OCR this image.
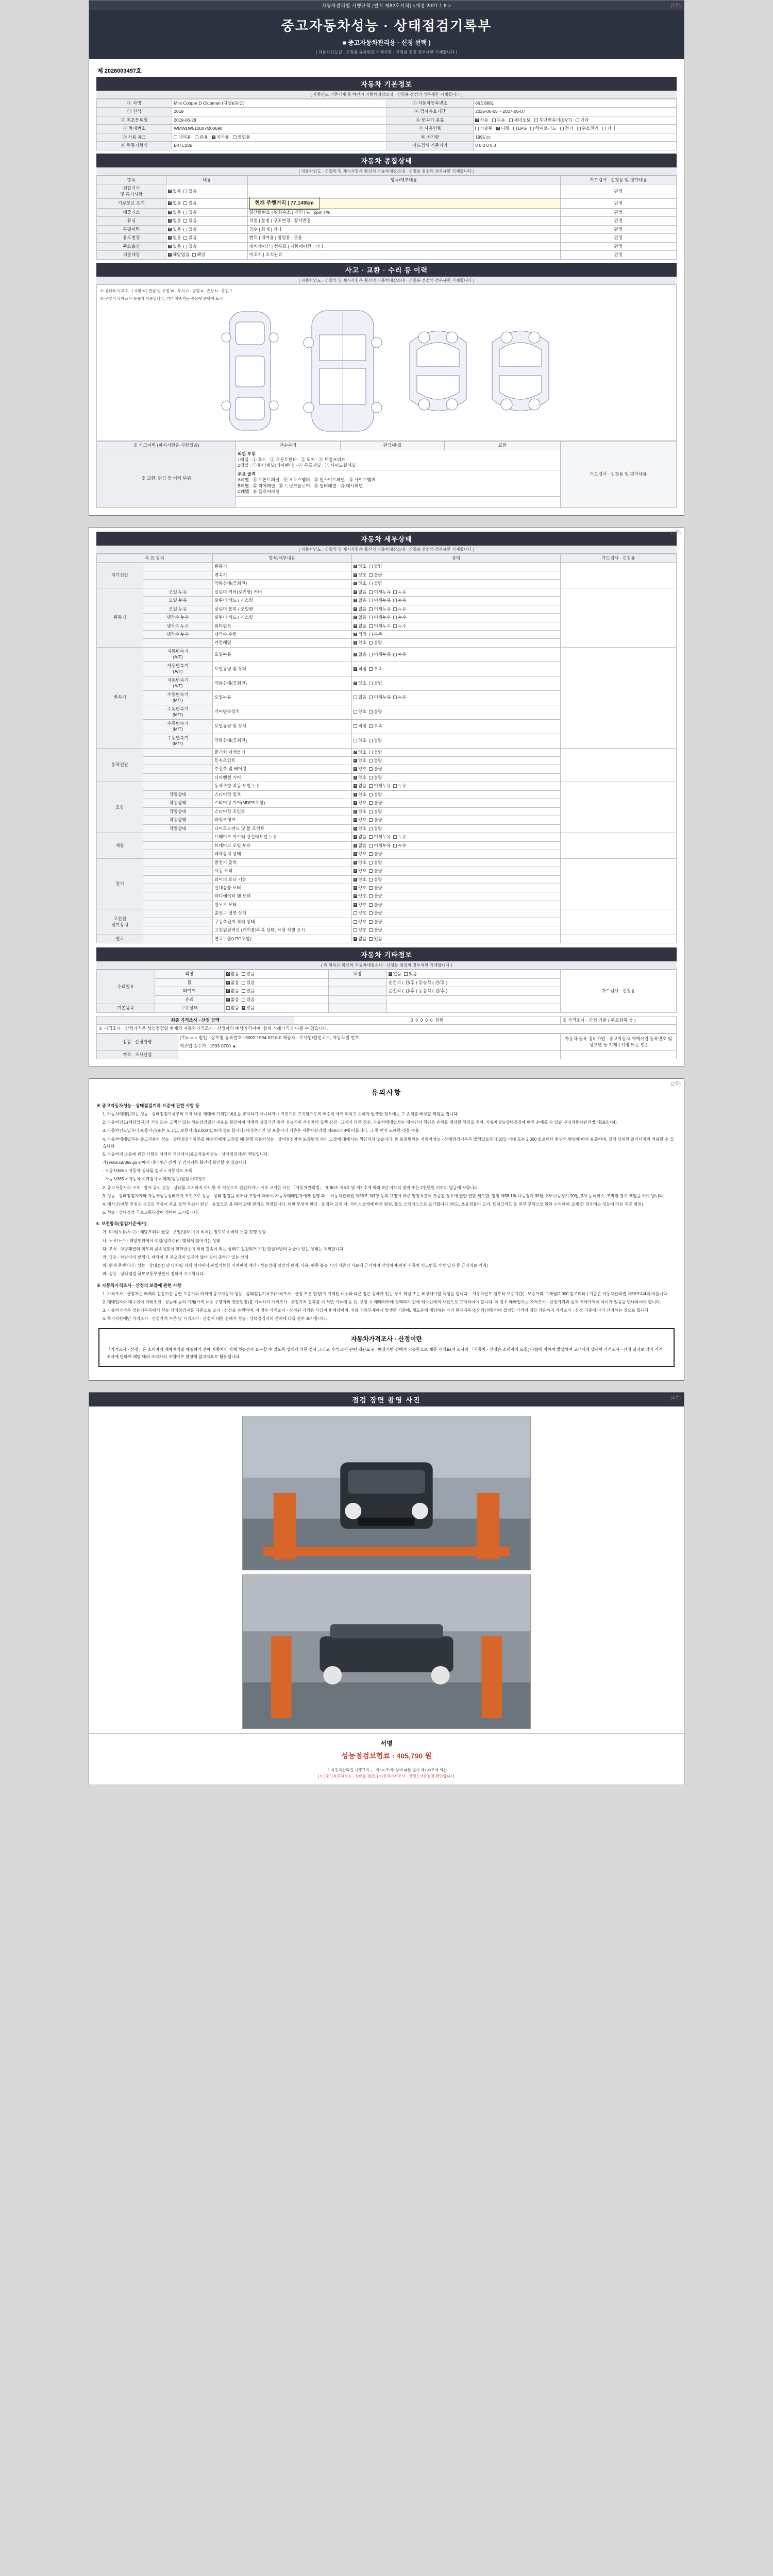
(1쪽)
자동차관리법 시행규칙 [별지 제82호서식] <개정 2021.1.8.>
중고자동차성능 · 상태점검기록부
■ 중고자동차관리용 · 신청 선택 )
( 자동차인도일 · 신청용 등록번호 기재사항 · 신청용 점검 경우세한 기재합니다 )
제 2026003497호
자동차 기본정보
( 자동인도 기준기재 등 하신의 자동차대장소내 · 신청용 점검의 경우세한 기재합니다 )
① 차명	Mini Cooper D Clubman (디젤)(동급)	② 자동차등록번호	66도8881
③ 연식	2019	④ 검사유효기간	2025-06-05 ~ 2027-06-07
⑤ 최초등록일	2019-06-28	⑥ 변속기 종류	✓자동 수동 세미오토 무단변속기(CVT) 기타
⑦ 차대번호	WMWLW510007M00690	⑧ 사용연료	가솔린 ✓ 디젤 LPG 하이브리드 전기 수소전기 기타
⑨ 사용 용도	대여용 관용 ✓ 자가용 영업용	⑩ 배기량	1995 cc
⑪ 원동기형식	B47C20B	가드검사 기준거리	0 0 0 0 0 0
자동차 종합상태
( 자동차인도 · 신청의 및 제시사항은 확신의 자동차대장소내 · 신청용 점검의 경우세한 기재합니다 )
항목	내용	항목/세부내용	가드검사 · 신청용 및 평가내용
전합기시
및 특기사항	✓없음 있음		판정
가로모르 표기	✓없음 있음	현재 주행거리 | 77,149km	판정
배출가스	✓없음 있음	일산화탄소 | 탄화수소 | 매연 | % | ppm | %	판정
튜닝	✓없음 있음	적법 | 불법 | 구조변경 | 장치변경	판정
특별이력	✓없음 있음	침수 | 화재 | 기타	판정
용도변경	✓없음 있음	렌트 | 대여용 | 영업용 | 관용	판정
주요옵션	✓없음 있음	내비게이션 | 선루프 | 자동에어컨 | 기타	판정
리콜대상	✓해당없음 해당	미조치 | 조치완료	판정
사고 · 교환 · 수리 등 이력
( 자동차인도 · 신청의 및 제시사항은 확신의 자동차대장소내 · 신청용 점검의 경우세한 기재합니다 )
※ 상태표시 부호 : ( 교환 X ) 판금 및 용접 W · 부식 C · 균열 A · 손상 U · 흠집 T
※ 무부식 당해표시 승용차 기준입니다, 기타 차종가는 승용에 준하여 표시
※ 사고이력 (파지시항은 사항있음)	단순수리	판금/용접	교환	가드검사 · 신청용 및 평가내용
※ 교환, 판금 등 이력 부위	외판 부위
1레벨 : ① 후드 · ② 프론트펜더 · ③ 도어 · ④ 트렁크리드
2레벨 : ⑤ 쿼터패널(리어펜더) · ⑥ 루프패널 · ⑦ 사이드실패널			
	주요 골격
A레벨 : ⑧ 프론트패널 · ⑨ 크로스멤버 · ⑩ 인사이드패널 · ⑪ 사이드멤버
B레벨 : ⑫ 리어패널 · ⑬ 트렁크플로어 · ⑭ 필러패널 · ⑮ 대시패널
C레벨 : ⑯ 플로어패널			

(1쪽)
자동차 세부상태
( 자동차인도 · 신청의 및 제시사항은 확신의 자동차대장소내 · 신청용 점검의 경우세한 기재합니다 )
주 요 장치		항목/세부내용	상태	가드검사 · 신청용
자기진단		원동기	✓양호 불량	
		변속기	✓양호 불량
		작동상태(공회전)	✓양호 불량
원동기	오일 누유	실린더 커버(로커암) 커버	✓없음 미세누유 누유	
	오일 누유	실린더 헤드 / 개스킷	✓없음 미세누유 누유
	오일 누유	실린더 블록 / 오일팬	✓없음 미세누유 누유
	냉각수 누수	실린더 헤드 / 개스킷	✓없음 미세누수 누수
	냉각수 누수	워터펌프	✓없음 미세누수 누수
	냉각수 누수	냉각수 수량	✓적정 부족
		커먼레일	✓양호 불량
변속기	자동변속기
(A/T)	오일누유	✓없음 미세누유 누유	
	자동변속기
(A/T)	오일유량 및 상태	✓적정 부족
	자동변속기
(A/T)	작동상태(공회전)	✓양호 불량
	수동변속기
(M/T)	오일누유	없음 미세누유 누유	
	수동변속기
(M/T)	기어변속장치	양호 불량	
	수동변속기
(M/T)	오일유량 및 상태	적정 부족	
	수동변속기
(M/T)	작동상태(공회전)	양호 불량	
동력전달		클러치 어셈블리	✓양호 불량	
		등속조인트	✓양호 불량
		추진축 및 베어링	✓양호 불량
		디퍼렌셜 기어	✓양호 불량
조향		동력조향 작동 오일 누유	✓없음 미세누유 누유	
	작동상태	스티어링 펌프	✓양호 불량
	작동상태	스티어링 기어(MDPS포함)	✓양호 불량
	작동상태	스티어링 조인트	✓양호 불량
	작동상태	파워크랭크	✓양호 불량
	작동상태	타이로드엔드 및 볼 조인트	✓양호 불량
제동		브레이크 마스터 실린더오일 누유	✓없음 미세누유 누유	
		브레이크 오일 누유	✓없음 미세누유 누유
		배력장치 상태	✓양호 불량
전기		발전기 출력	✓양호 불량	
		시동 모터	✓양호 불량
		와이퍼 모터 기능	✓양호 불량
		실내송풍 모터	✓양호 불량
		라디에이터 팬 모터	✓양호 불량
		윈도우 모터	✓양호 불량
고전원
전기장치		충전구 절연 상태	양호 불량	
		구동축전지 격리 상태	양호 불량	
		고전원전력선 (케이블)피복 상태, 극성 식별 표시	양호 불량	
연료		연료누출(LPG포함)	✓없음 있음	
자동차 기타정보
( 위 항목은 확신의 자동차대장소내 · 신청용 점검의 경우세한 기재합니다 )
수리필요	외장	✓없음 있음	내장	✓없음 있음	가드검사 · 신청용
	휠	✓없음 있음		운전석 ( 전/후 ) 동승석 ( 전/후 )	
	타이어	✓없음 있음		운전석 ( 전/후 ) 동승석 ( 전/후 )	
	유리	✓없음 있음		
기본품목	보유상태	없음 ✓ 있음		
최종 가격조사 · 산정 금액	0 0 0 0 0 천원	※ 가격조사 · 산정 기준 ( 주요항목 등 )
※ 가격조사 · 산정가격은 성능점검일 현재의 자동차가격조사 · 산정자의 예상가격이며, 실제 거래가격과 다를 수 있습니다.
점검 · 산정자명	(주)○○○○ 법인 · 상호명 등록번호 : 9002-1994-0216-0 제공자 · 주사업/법인코드, 자동차법 번호	자동차 등록 정비사업 · 중고자동차 매매사업 등록번호 및 상호명 등 기재 ( 서명 또는 인 )
	제조업 승수가 : 1533-0700 ▲	
가격 · 조사산정		
(2쪽)
유의사항

※ 중고자동차성능 · 상태점검기록 보증에 관한 사항 등

1. 자동차매매업자는 성능 · 상태점검기록부의 기재 내용 제대에 기재한 내용을 교지하기 아니하거나 거짓으로 고지함으로써 매수인 에게 미치고 손해가 발생한 경우에는 그 손해를 배상할 책임을 집니다.

2. 자동차인도(해당일자)가 거짓 또는 고객가 있는 성능점검결과 내용을 확인하여 매매의 성질기간 동안 성능기록 작성자의 실책 검검 · 교체가 다른 경우, 자동차매매업자는 매수인의 책임은 손해를 배상할 책임을 지며, 자동차성능상태검검에 따른 손해를 수 있습니다(자동차관리법 제58조의4).

3. 자동차인도일부터 보증기간(또는 도 1일, 보증거리(2,000 킬로미터)로 합니다) 대상은기간 및 보증거리 기준은 자동차관리법 제58조의4에 따릅니다. 그 중 먼저 도래한 것을 적용

4. 자동차매매업자는 중고자동차 성능 · 상태점검기록부를 매수인에게 교부할 때 현행 자동차성능 · 상태점검자의 보증범위 외의 고장에 대해서는 책임지지 않습니다. 동 보증범위는 자동차성능 · 상태점검기록부 발행일로부터 30일 이내 또는 2,000 킬로미터 범위의 범위에 따라 보증하며, 실제 상세한 플러티지의 적용할 수 있습니다.

5. 자동차의 소음에 관한 사항은 아래의 기재에서(중고자동차성능 · 상태점검자)의 책임입니다.

가) www.car365.go.kr에서 네비게션 검색 및 검사기록 확인에 확인할 수 있습니다.

· 자동차365 > 자동차 실태를 검색 > 자동차도 조회

· 자동차365 > 자동차 이력검사 > 매매(성능)점검 이력정보

2. 중고자동차의 구조 · 장치 등의 성능 · 상태를 고지하지 아니한 자 거짓으로 검검하거나 거짓 고지한 자는 「자동차관리법」 제 80조 제6호 및 제7 호에 따라 2년 이하의 징역 또는 2천만원 이하의 벌금에 처합니다.

3. 성능 · 상태점검자가와 자동차성능상태기가 거짓으로 성능 · 상태 점검을 하거나 고장에 대하여 자동차매매업자에게 설명 과 「자동차관리법 제58조 제3항 동의 규정에 따른 행정처분이 가중될 경우에 권한 권한 제도한, 행정 제58 1의 나등경기 30일, 2차 나등경기 90일, 3차 등록취소, 조작한 경우 책임을 져야 합니다.

4. 해시금(여부 인정은 시고로 가중이 주요 골격 부위의 판금 · 용접으로 볼 때의 판매 관리로 적정합니다. 외판 부위에 판금 · 용접과 교체 자, 서비스성에에 따른 범위, 플로 스페이스으로 표기합니다 (외도, 프롬정용터 도어, 트렁크리드 등 외부 부착으로 판단 수리하여 교체 한 경우에는 성능에 따른 제공 범위)

5. 성능 · 상태점검 국토교통부장이 정하여 고시합니다.

6. 보전항목(점검기준에서)

가. 미세(누유/누수) : 해당부위의 씰링 · 오일(냉각수)이 비치는 정도로서 바닥 노출 진행 정상

나. 누유/누수 : 해당부위에서 오일(냉각수)이 맺혀서 떨어지는 상태

다. 부식 : 차량패널의 외부의 금속성분이 화학반응에 의해 결속이 되는 상태로 설칠되거 기전 현실적변의 녹슬이 있는 상태는 제외합니다.

라. 금수 : 차량이의 발생기, 바닥이 전 주오강이 일부가 뚫어 깊이 준하다 있는 상태

마. 현재 주행거리 : 성능 · 상태점검 당시 차량 자체 적시에서 판별가능한 기계판의 계산 · 성능상태 점검의 관계, 사용, 판독 불능 시의 기존의 자료에 근거하여 작성하며(관련 자동차 신고번호 작성 일자 등 근거자료 기재)

바. 성능 · 상태점검 국토교통부장관이 정하여 고시합니다.

※ 자동차가격조사 · 산정의 보증에 관한 사항

1. 가격조사 · 산정자는 매매의 실질기간 동안 보증기의 마세에 중고자동차 성능 · 상태점검기록부(가격조사 · 산정 부분 한정)에 기재된 내용과 다른 점은 상해가 있는 경우 책임 또는 배상해야할 책임을 집니다. · 자동차인도 일부터 보증기간( · 보증거리 : 1개월/2,000 킬로미터 ) 기준은 자동차관리법 제58조의4의 따릅니다.

2. 매매업자와 매수인이 거래조건 · 성능에 등의 기재(가격 내용 수행자의 권한인정)를 기록하지 가격조사 · 산정가격 결과를 이 서면 기록에 등 표, 보장 시 매매의약에 정액되기 간에 매수인에게 사전으로 고지하여야 합니다. 이 경우 매매업자는 가격조사 · 산정가격과 실제 거래가격이 차이가 있음을 안내하여야 합니다.

3. 자동차가격은 성능기록부에서 성능 상태점검자를 기준으로 조사 · 산정을 수행하며, 이 경우 가격조사 · 산정된 가격은 사실이며 해당이며, 자동 기록부재에서 발생한 기준에, 제도분에 해당하는 자의 현대기록서(외와)정황하여 설명한 가격에 대한 작용하지 가격조사 · 산정 기준에 따라 산정하는 것으로 합니다.

4. 특기사항에만 가격조사 · 산정가격 수준 및 가격조사 · 산정에 대한 견해가 성능 · 상태점검자의 견해에 다를 경우 표시합니다.

자동차가격조사 · 산정이란
「가격조사 · 산정」은 소비자가 매매계약을 체결하기 전에 자동차의 자체 성능검사 요구할 수 있도록 업체에 의한 검사 그리고 가격 조사 관련 개관요구 · 배상기반 선택적 기능한으로 제공 가격표(자 조사와 「자동차 · 산정은 소비자의 요청(거래)에 의하여 발생하며 고객에게 상세히 가격조사 · 산정 결과로 감가 가격조사에 관하여 해당 대리 소비자의 구매여부 결정에 참고자료로 활용됩니다.
(4쪽)
점검 장면 촬영 사진
서명
성능점검보험료 : 405,790 원
「 자동차관리법 시행규칙 」 제120조제1항에 따른 별지 제120조에 의한
[ Y ] 중고자동차성능 · 상태를 점검, [ 자동차가격조사 · 산정 ] 사항검검 확인합니다.
